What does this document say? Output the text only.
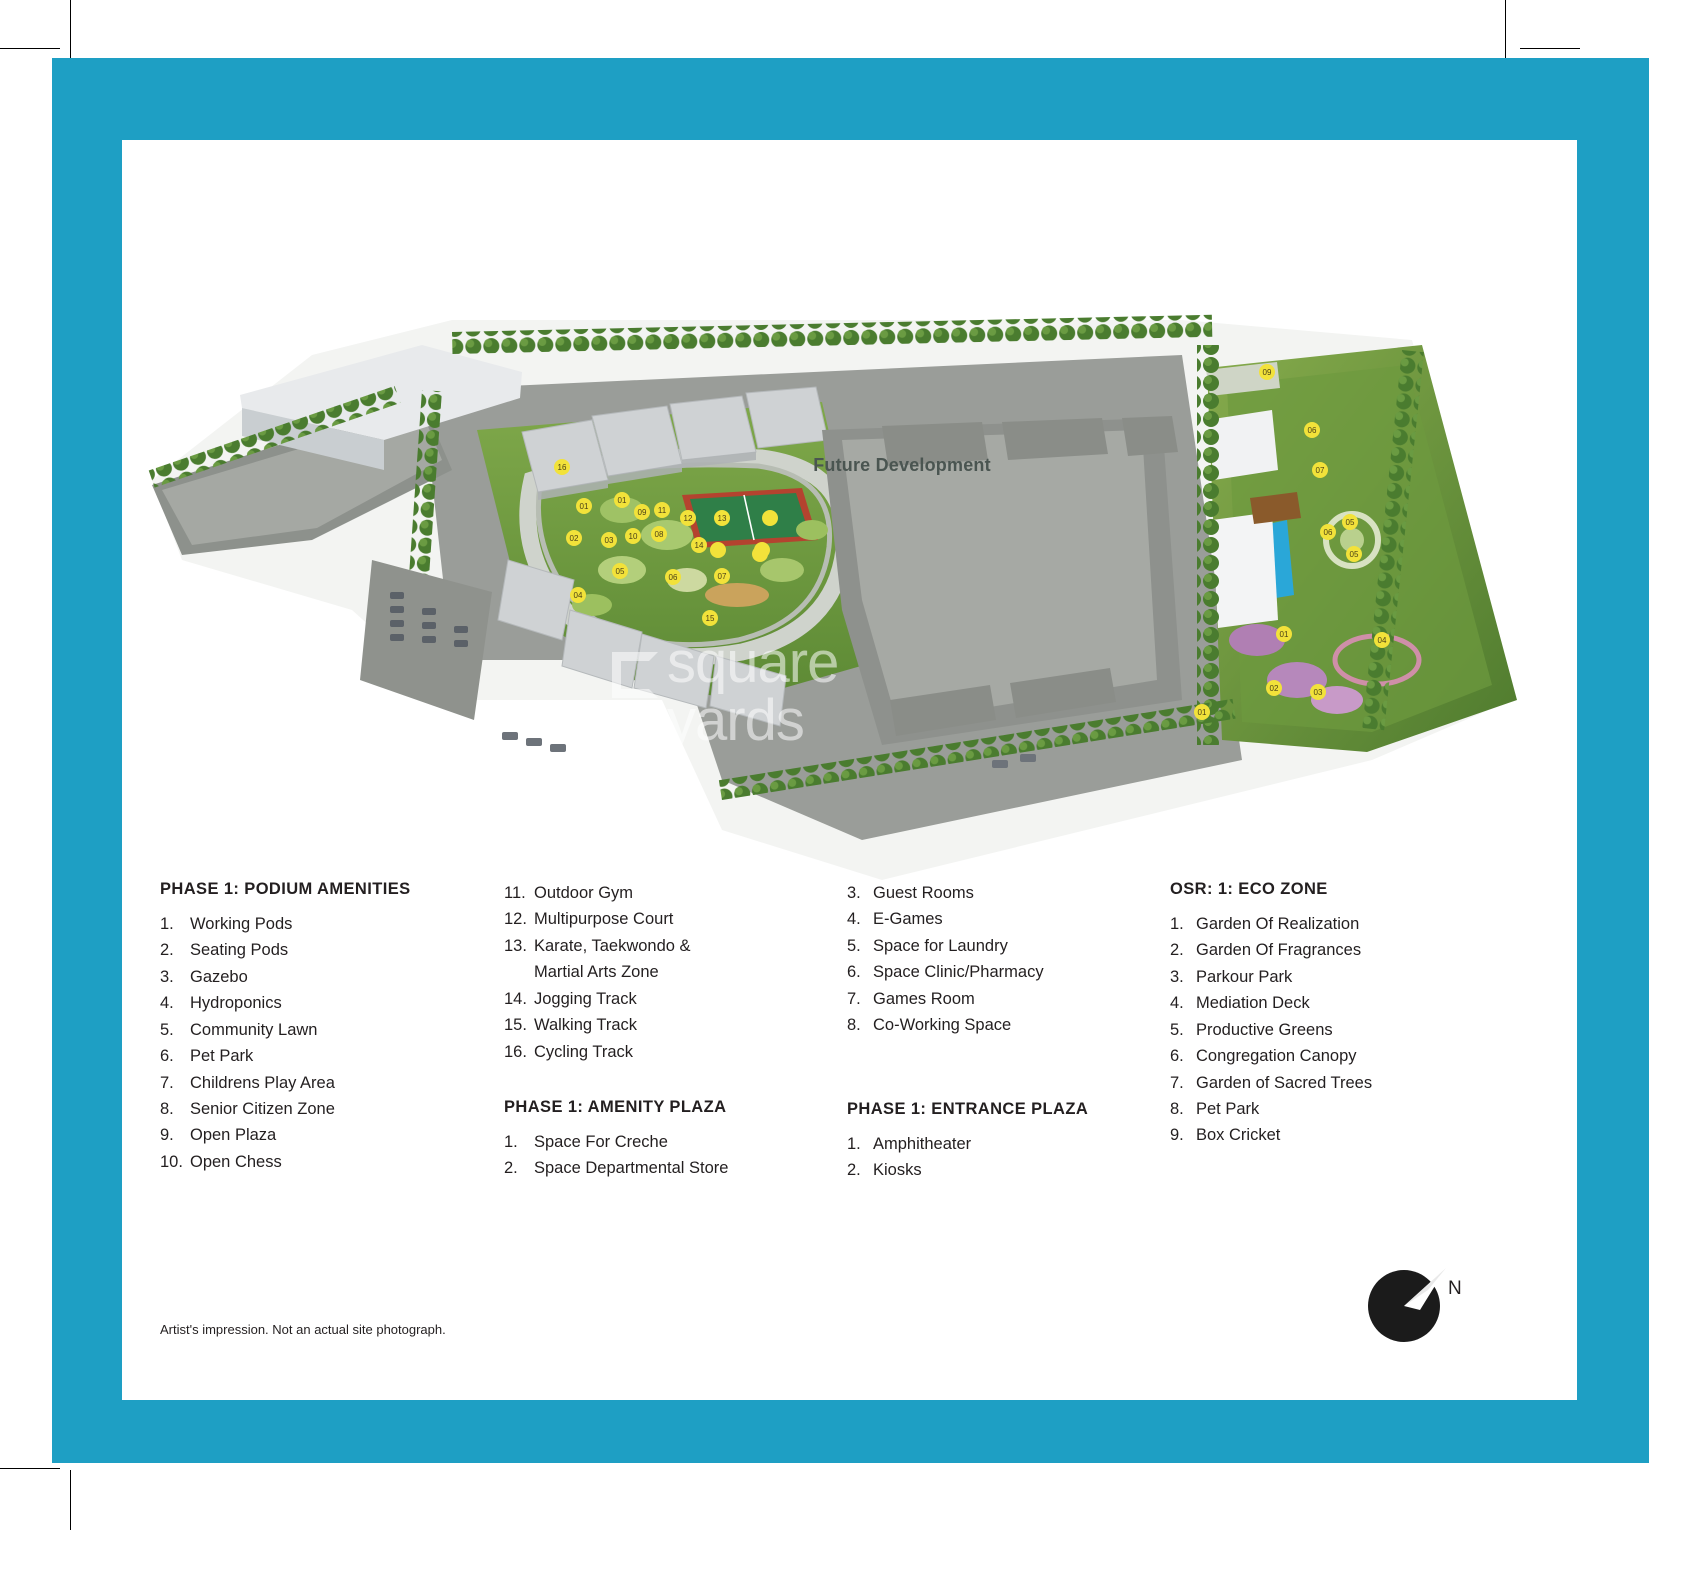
16
01
01
09
02	03 10 08
11
12	13
14
05
06	07
04
15
09
06
07
06
05
05
01
04
02	03
01
Future Development
square
yards
PHASE 1: PODIUM AMENITIES
1. Working Pods
2. Seating Pods
3. Gazebo
4. Hydroponics
5. Community Lawn
6. Pet Park
7. Childrens Play Area
8. Senior Citizen Zone
9. Open Plaza
10. Open Chess
11. Outdoor Gym
12. Multipurpose Court
13. Karate, Taekwondo &
Martial Arts Zone
14. Jogging Track
15. Walking Track
16. Cycling Track
PHASE 1: AMENITY PLAZA
1. Space For Creche
2. Space Departmental Store
3. Guest Rooms
4. E-Games
5. Space for Laundry
6. Space Clinic/Pharmacy
7. Games Room
8. Co-Working Space
PHASE 1: ENTRANCE PLAZA
1. Amphitheater
2. Kiosks
OSR: 1: ECO ZONE
1. Garden Of Realization
2. Garden Of Fragrances
3. Parkour Park
4. Mediation Deck
5. Productive Greens
6. Congregation Canopy
7. Garden of Sacred Trees
8. Pet Park
9. Box Cricket
Artist's impression. Not an actual site photograph.
N
